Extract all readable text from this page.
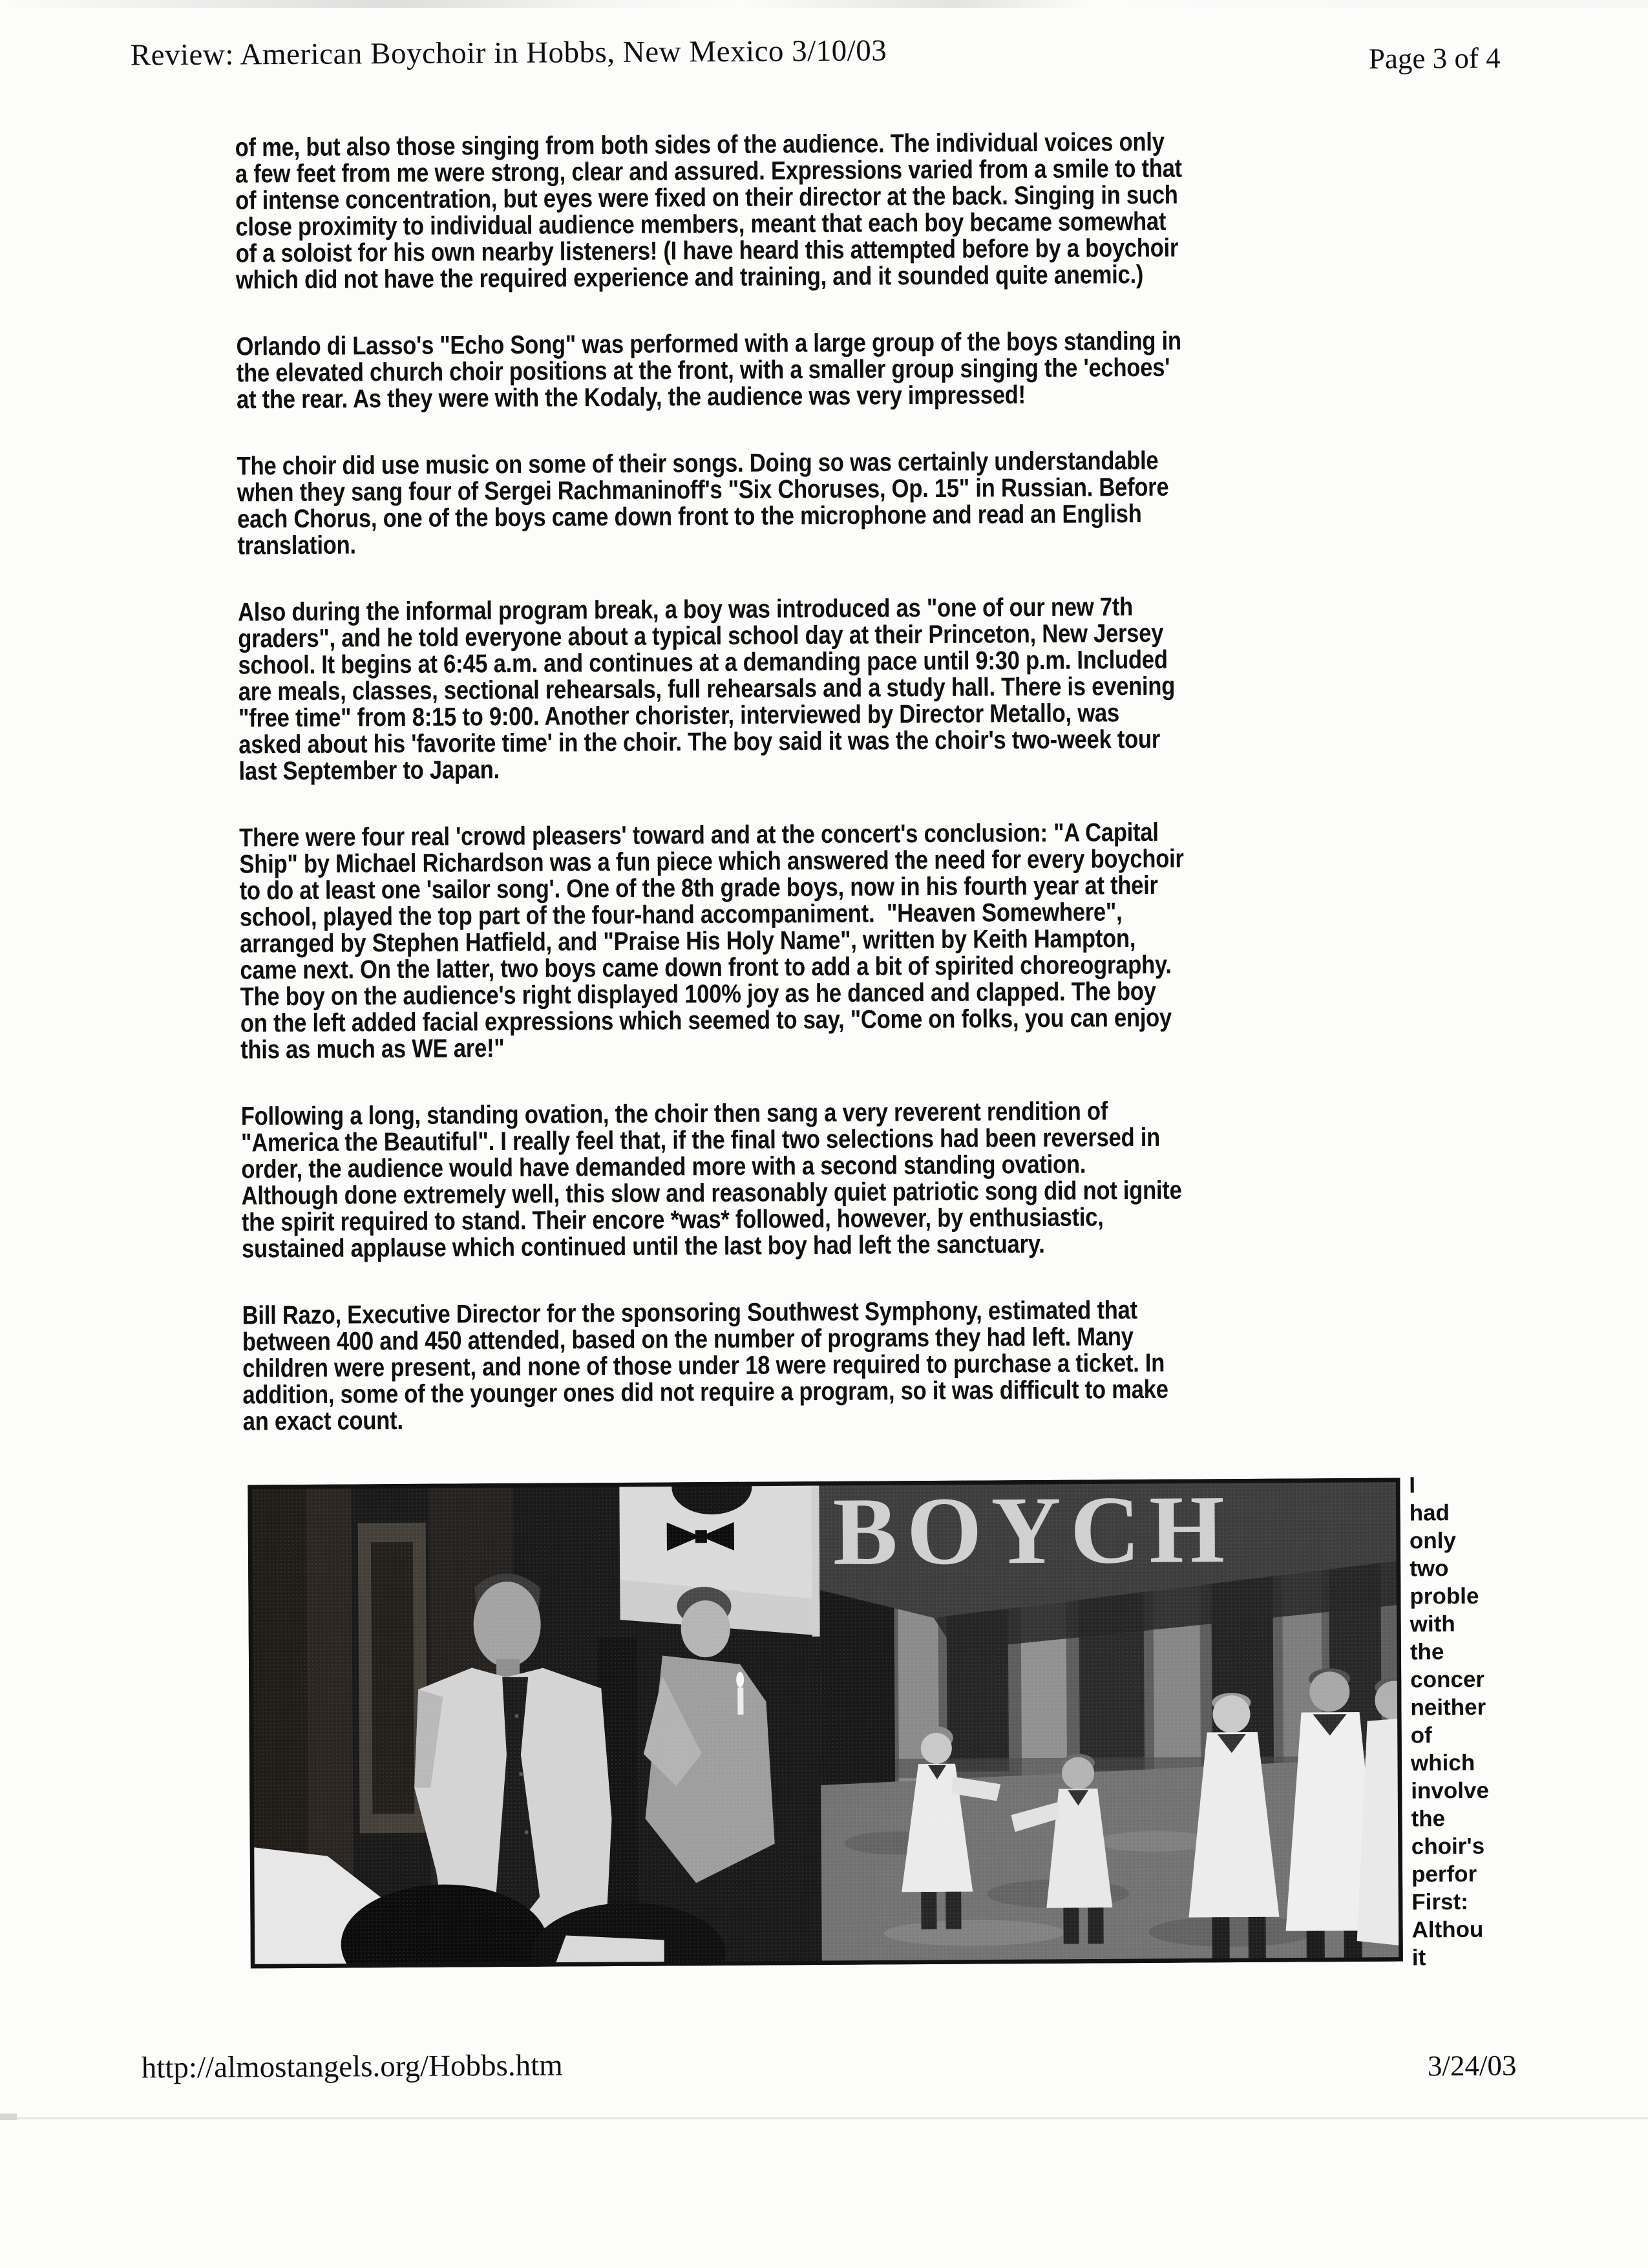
Review: American Boychoir in Hobbs, New Mexico 3/10/03	Page 3 of 4

of me, but also those singing from both sides of the audience. The individual voices only
a few feet from me were strong, clear and assured. Expressions varied from a smile to that
of intense concentration, but eyes were fixed on their director at the back. Singing in such
close proximity to individual audience members, meant that each boy became somewhat
of a soloist for his own nearby listeners! (I have heard this attempted before by a boychoir
which did not have the required experience and training, and it sounded quite anemic.)

Orlando di Lasso's "Echo Song" was performed with a large group of the boys standing in
the elevated church choir positions at the front, with a smaller group singing the 'echoes'
at the rear. As they were with the Kodaly, the audience was very impressed!

The choir did use music on some of their songs. Doing so was certainly understandable
when they sang four of Sergei Rachmaninoff's "Six Choruses, Op. 15" in Russian. Before
each Chorus, one of the boys came down front to the microphone and read an English
translation.

Also during the informal program break, a boy was introduced as "one of our new 7th
graders", and he told everyone about a typical school day at their Princeton, New Jersey
school. It begins at 6:45 a.m. and continues at a demanding pace until 9:30 p.m. Included
are meals, classes, sectional rehearsals, full rehearsals and a study hall. There is evening
"free time" from 8:15 to 9:00. Another chorister, interviewed by Director Metallo, was
asked about his 'favorite time' in the choir. The boy said it was the choir's two-week tour
last September to Japan.

There were four real 'crowd pleasers' toward and at the concert's conclusion: "A Capital
Ship" by Michael Richardson was a fun piece which answered the need for every boychoir
to do at least one 'sailor song'. One of the 8th grade boys, now in his fourth year at their
school, played the top part of the four-hand accompaniment.  "Heaven Somewhere",
arranged by Stephen Hatfield, and "Praise His Holy Name", written by Keith Hampton,
came next. On the latter, two boys came down front to add a bit of spirited choreography.
The boy on the audience's right displayed 100% joy as he danced and clapped. The boy
on the left added facial expressions which seemed to say, "Come on folks, you can enjoy
this as much as WE are!"

Following a long, standing ovation, the choir then sang a very reverent rendition of
"America the Beautiful". I really feel that, if the final two selections had been reversed in
order, the audience would have demanded more with a second standing ovation.
Although done extremely well, this slow and reasonably quiet patriotic song did not ignite
the spirit required to stand. Their encore *was* followed, however, by enthusiastic,
sustained applause which continued until the last boy had left the sanctuary.

Bill Razo, Executive Director for the sponsoring Southwest Symphony, estimated that
between 400 and 450 attended, based on the number of programs they had left. Many
children were present, and none of those under 18 were required to purchase a ticket. In
addition, some of the younger ones did not require a program, so it was difficult to make
an exact count.

I
had
only
two
proble
with
the
concer
neither
of
which
involve
the
choir's
perfor
First:
Althou
it
http://almostangels.org/Hobbs.htm	3/24/03
